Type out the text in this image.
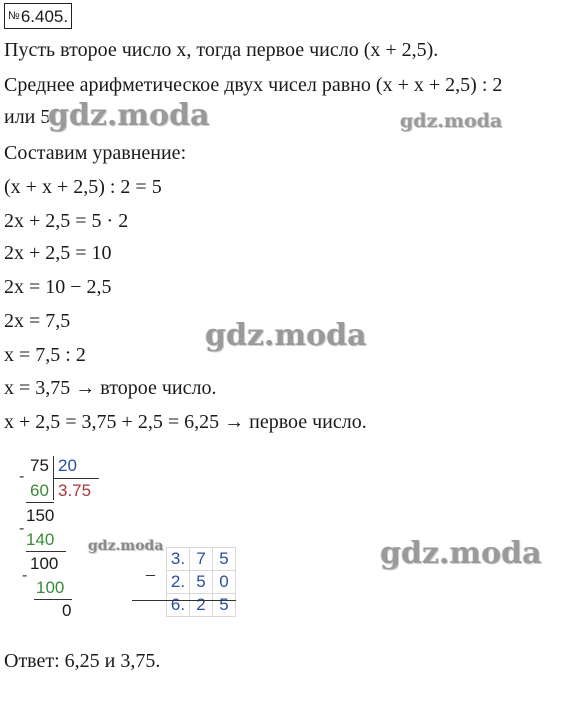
№6.405.
Пусть второе число x, тогда первое число (x + 2,5).
Среднее арифметическое двух чисел равно (x + x + 2,5) : 2
или 5.
Составим уравнение:
(x + x + 2,5) : 2 = 5
2x + 2,5 = 5 · 2
2x + 2,5 = 10
2x = 10 − 2,5
2x = 7,5
x = 7,5 : 2
x = 3,75 → второе число.
x + 2,5 = 3,75 + 2,5 = 6,25 → первое число.
gdz.moda	gdz.moda
gdz.moda
gdz.moda	gdz.moda
75 20
-
60 3.75
150
-
140
100
-
100
0
3.	7	5
2.	5	0
6.	2	5
_
Ответ: 6,25 и 3,75.
